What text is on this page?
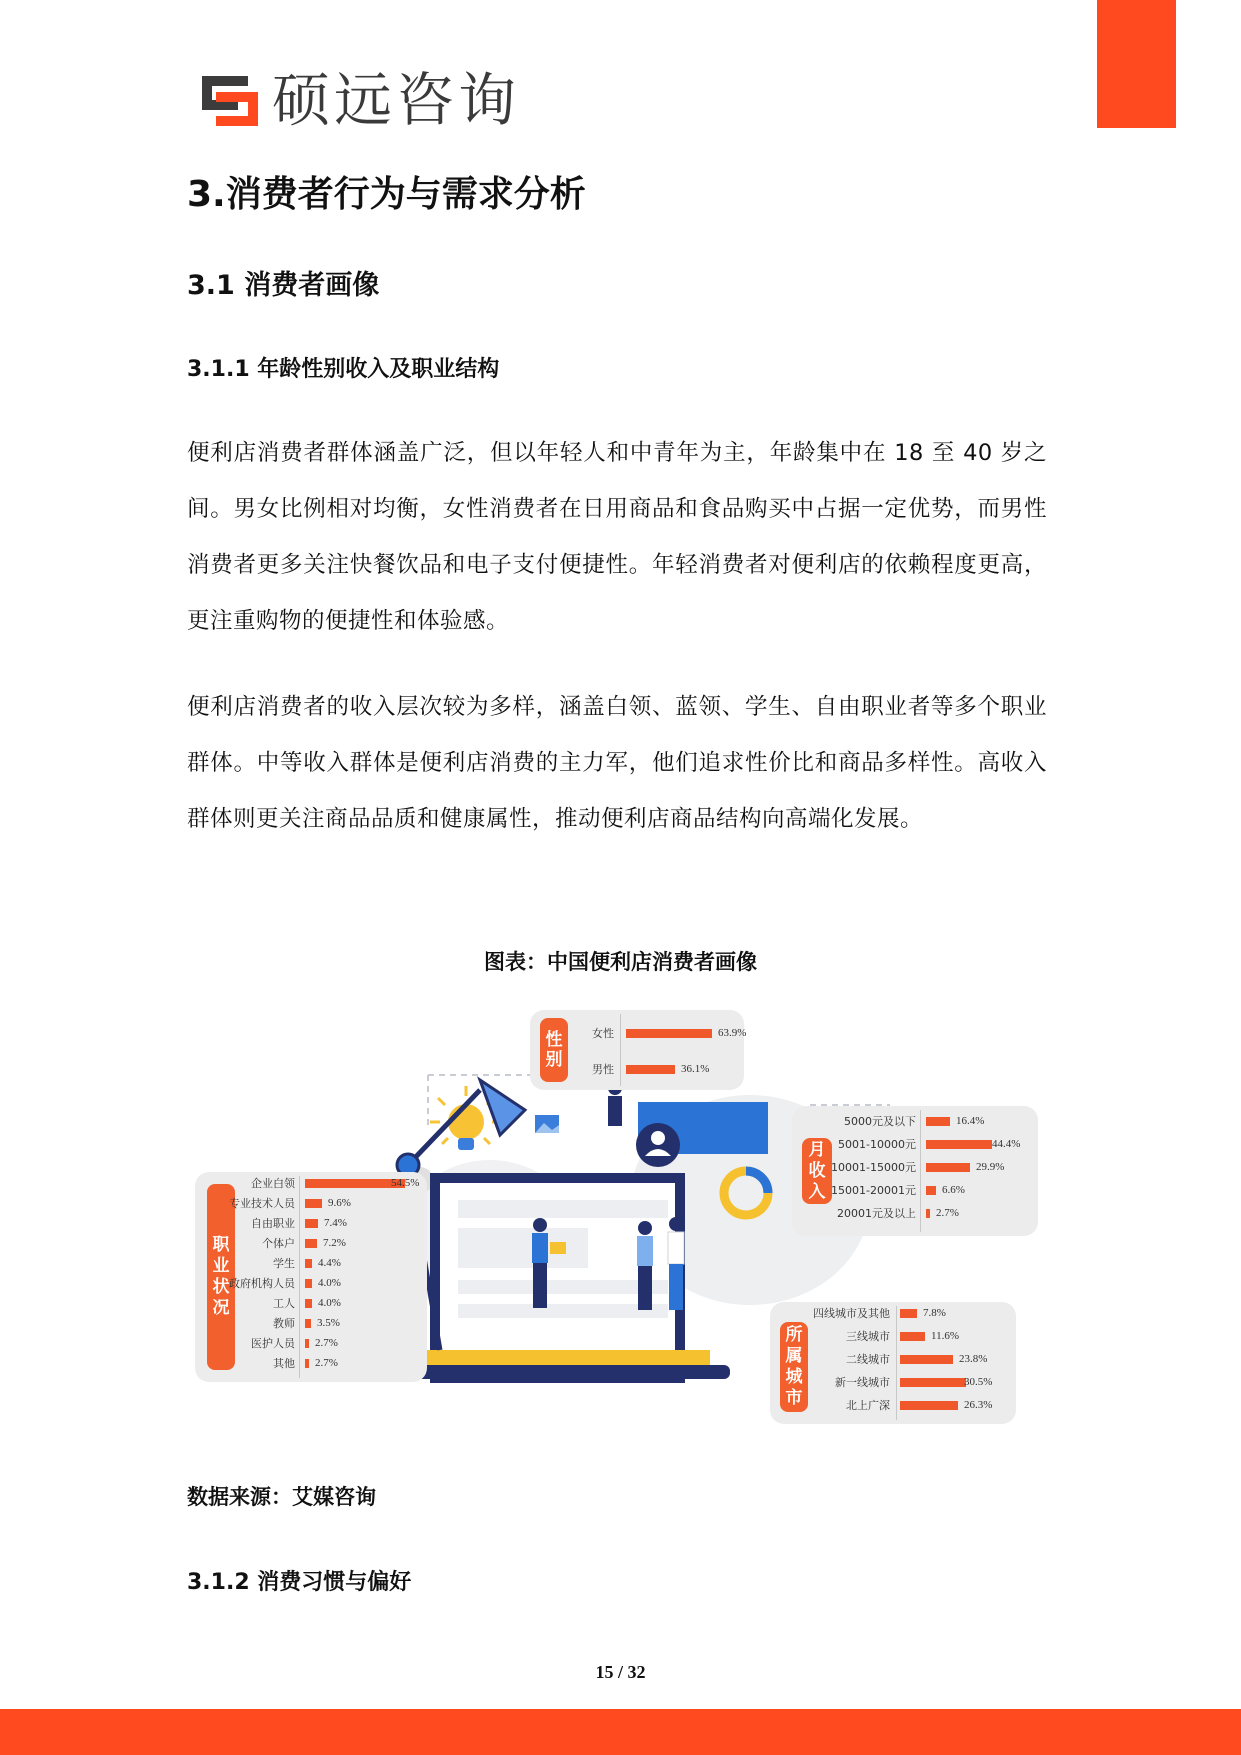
硕远咨询
3.消费者行为与需求分析
3.1 消费者画像
3.1.1 年龄性别收入及职业结构

便利店消费者群体涵盖广泛，但以年轻人和中青年为主，年龄集中在 18 至 40 岁之间。男女比例相对均衡，女性消费者在日用商品和食品购买中占据一定优势，而男性消费者更多关注快餐饮品和电子支付便捷性。年轻消费者对便利店的依赖程度更高，更注重购物的便捷性和体验感。

便利店消费者的收入层次较为多样，涵盖白领、蓝领、学生、自由职业者等多个职业群体。中等收入群体是便利店消费的主力军，他们追求性价比和商品多样性。高收入群体则更关注商品品质和健康属性，推动便利店商品结构向高端化发展。

图表：中国便利店消费者画像
性
别
女性	63.9%
男性	36.1%
月
收
入
5000元及以下	16.4%
5001-10000元	44.4%
10001-15000元	29.9%
15001-20001元 6.6%
20001元及以上 2.7%
职
业
状
况
企业白领	54.5%
专业技术人员	9.6%
自由职业	7.4%
个体户	7.2%
学生 4.4%
政府机构人员 4.0%
工人 4.0%
教师 3.5%
医护人员 2.7%
其他 2.7%
所
属
城
市
四线城市及其他	7.8%
三线城市	11.6%
二线城市	23.8%
新一线城市	30.5%
北上广深	26.3%
数据来源：艾媒咨询
3.1.2 消费习惯与偏好
15 / 32
